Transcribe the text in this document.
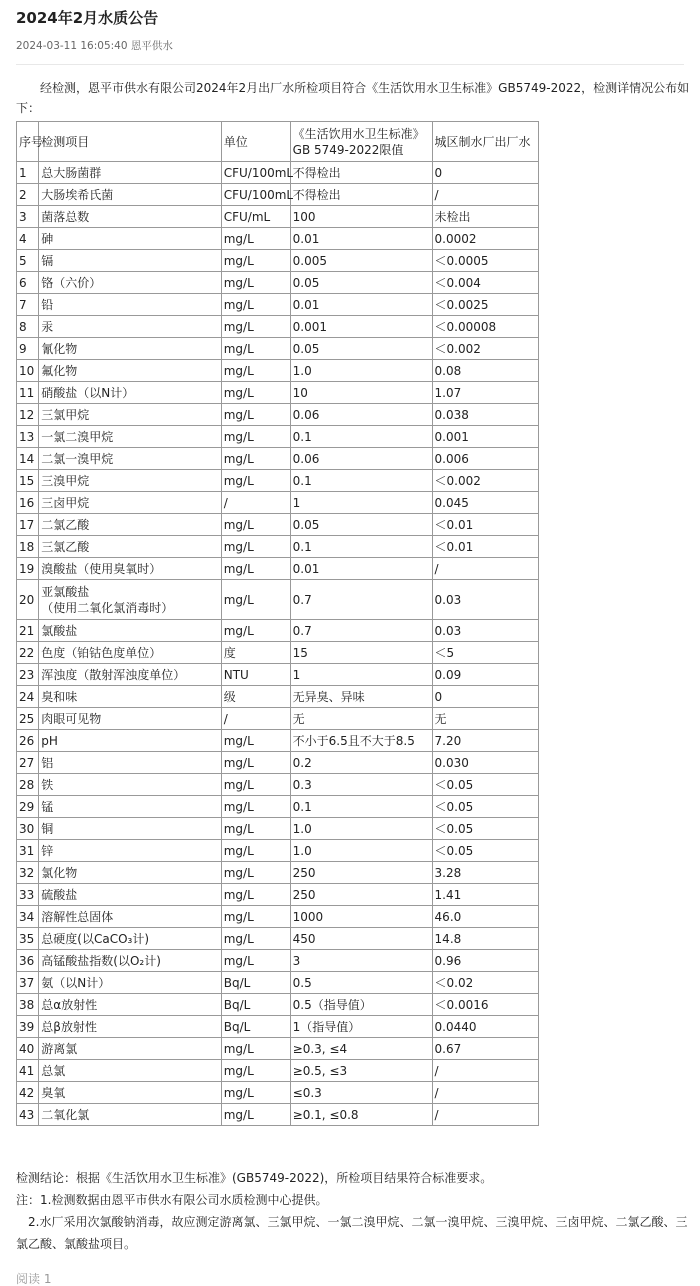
2024年2月水质公告
2024-03-11 16:05:40 恩平供水
经检测，恩平市供水有限公司2024年2月出厂水所检项目符合《生活饮用水卫生标准》GB5749-2022，检测详情况公布如下：
序号	检测项目	单位	《生活饮用水卫生标准》
GB 5749-2022限值	城区制水厂出厂水
1	总大肠菌群	CFU/100mL	不得检出	0
2	大肠埃希氏菌	CFU/100mL	不得检出	/
3	菌落总数	CFU/mL	100	未检出
4	砷	mg/L	0.01	0.0002
5	镉	mg/L	0.005	＜0.0005
6	铬（六价）	mg/L	0.05	＜0.004
7	铅	mg/L	0.01	＜0.0025
8	汞	mg/L	0.001	＜0.00008
9	氰化物	mg/L	0.05	＜0.002
10	氟化物	mg/L	1.0	0.08
11	硝酸盐（以N计）	mg/L	10	1.07
12	三氯甲烷	mg/L	0.06	0.038
13	一氯二溴甲烷	mg/L	0.1	0.001
14	二氯一溴甲烷	mg/L	0.06	0.006
15	三溴甲烷	mg/L	0.1	＜0.002
16	三卤甲烷	/	1	0.045
17	二氯乙酸	mg/L	0.05	＜0.01
18	三氯乙酸	mg/L	0.1	＜0.01
19	溴酸盐（使用臭氧时）	mg/L	0.01	/
20	亚氯酸盐
（使用二氧化氯消毒时）	mg/L	0.7	0.03
21	氯酸盐	mg/L	0.7	0.03
22	色度（铂钴色度单位）	度	15	＜5
23	浑浊度（散射浑浊度单位）	NTU	1	0.09
24	臭和味	级	无异臭、异味	0
25	肉眼可见物	/	无	无
26	pH	mg/L	不小于6.5且不大于8.5	7.20
27	铝	mg/L	0.2	0.030
28	铁	mg/L	0.3	＜0.05
29	锰	mg/L	0.1	＜0.05
30	铜	mg/L	1.0	＜0.05
31	锌	mg/L	1.0	＜0.05
32	氯化物	mg/L	250	3.28
33	硫酸盐	mg/L	250	1.41
34	溶解性总固体	mg/L	1000	46.0
35	总硬度(以CaCO₃计)	mg/L	450	14.8
36	高锰酸盐指数(以O₂计)	mg/L	3	0.96
37	氨（以N计）	Bq/L	0.5	＜0.02
38	总α放射性	Bq/L	0.5（指导值）	＜0.0016
39	总β放射性	Bq/L	1（指导值）	0.0440
40	游离氯	mg/L	≥0.3, ≤4	0.67
41	总氯	mg/L	≥0.5, ≤3	/
42	臭氧	mg/L	≤0.3	/
43	二氧化氯	mg/L	≥0.1, ≤0.8	/

检测结论：根据《生活饮用水卫生标准》(GB5749-2022)，所检项目结果符合标准要求。

注：1.检测数据由恩平市供水有限公司水质检测中心提供。

2.水厂采用次氯酸钠消毒，故应测定游离氯、三氯甲烷、一氯二溴甲烷、二氯一溴甲烷、三溴甲烷、三卤甲烷、二氯乙酸、三氯乙酸、氯酸盐项目。

阅读 1
